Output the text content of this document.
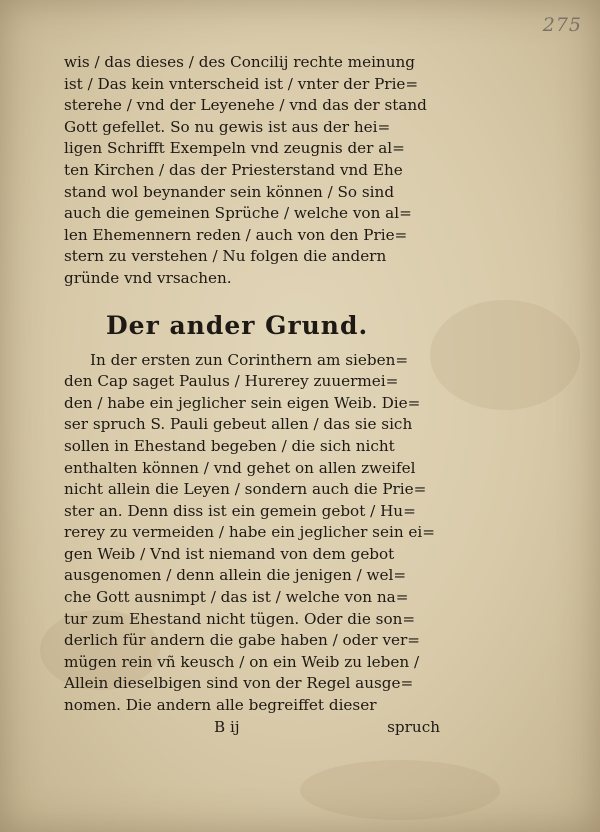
275
wis / das dieses / des Concilij rechte meinung
ist / Das kein vnterscheid ist / vnter der Prie=
sterehe / vnd der Leyenehe / vnd das der stand
Gott gefellet. So nu gewis ist aus der hei=
ligen Schrifft Exempeln vnd zeugnis der al=
ten Kirchen / das der Priesterstand vnd Ehe
stand wol beynander sein können / So sind
auch die gemeinen Sprüche / welche von al=
len Ehemennern reden / auch von den Prie=
stern zu verstehen / Nu folgen die andern
gründe vnd vrsachen.
Der ander Grund.
In der ersten zun Corinthern am sieben=
den Cap saget Paulus / Hurerey zuuermei=
den / habe ein jeglicher sein eigen Weib. Die=
ser spruch S. Pauli gebeut allen / das sie sich
sollen in Ehestand begeben / die sich nicht
enthalten können / vnd gehet on allen zweifel
nicht allein die Leyen / sondern auch die Prie=
ster an. Denn diss ist ein gemein gebot / Hu=
rerey zu vermeiden / habe ein jeglicher sein ei=
gen Weib / Vnd ist niemand von dem gebot
ausgenomen / denn allein die jenigen / wel=
che Gott ausnimpt / das ist / welche von na=
tur zum Ehestand nicht tügen. Oder die son=
derlich für andern die gabe haben / oder ver=
mügen rein vñ keusch / on ein Weib zu leben /
Allein dieselbigen sind von der Regel ausge=
nomen. Die andern alle begreiffet dieser
B ij	spruch
